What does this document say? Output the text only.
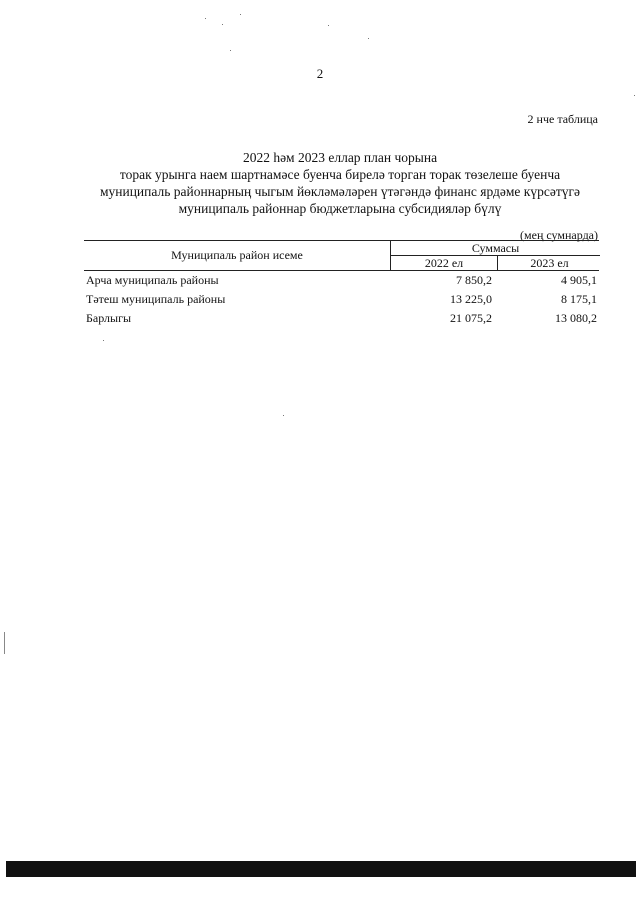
2
2 нче таблица
2022 һәм 2023 еллар план чорына
торак урынга наем шартнамәсе буенча бирелә торган торак төзелеше буенча
муниципаль районнарның чыгым йөкләмәләрен үтәгәндә финанс ярдәме күрсәтүгә
муниципаль районнар бюджетларына субсидияләр бүлү
(мең сумнарда)
Муниципаль район исеме	Суммасы
2022 ел	2023 ел
Арча муниципаль районы	7 850,2	4 905,1
Тәтеш муниципаль районы	13 225,0	8 175,1
Барлыгы	21 075,2	13 080,2
